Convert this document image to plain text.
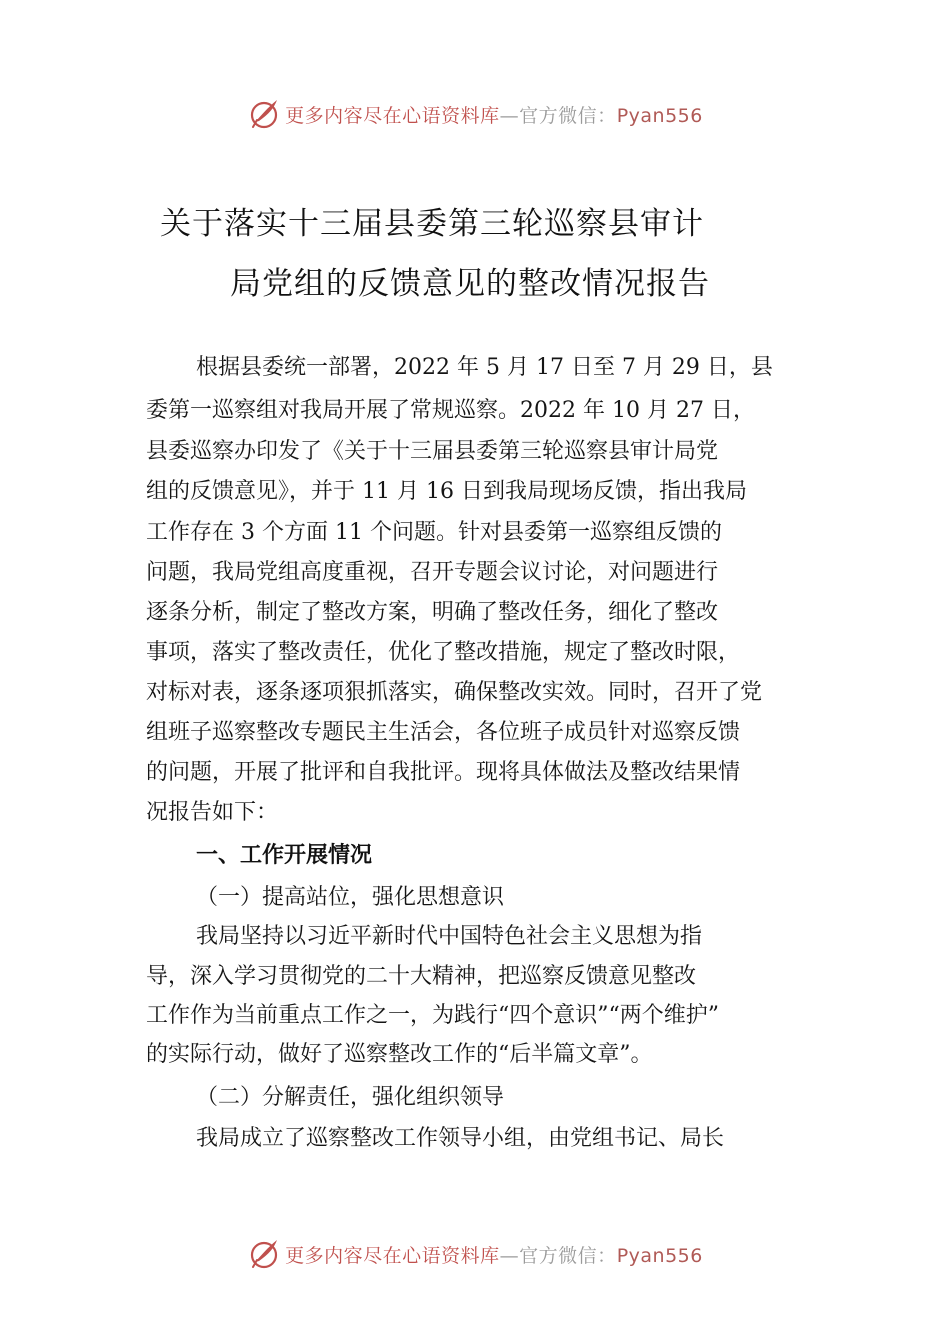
更多内容尽在心语资料库—官方微信：Pyan556
关于落实十三届县委第三轮巡察县审计
局党组的反馈意见的整改情况报告
根据县委统一部署，2022 年 5 月 17 日至 7 月 29 日，县
委第一巡察组对我局开展了常规巡察。2022 年 10 月 27 日，
县委巡察办印发了《关于十三届县委第三轮巡察县审计局党
组的反馈意见》，并于 11 月 16 日到我局现场反馈，指出我局
工作存在 3 个方面 11 个问题。针对县委第一巡察组反馈的
问题，我局党组高度重视，召开专题会议讨论，对问题进行
逐条分析，制定了整改方案，明确了整改任务，细化了整改
事项，落实了整改责任，优化了整改措施，规定了整改时限，
对标对表，逐条逐项狠抓落实，确保整改实效。同时，召开了党
组班子巡察整改专题民主生活会，各位班子成员针对巡察反馈
的问题，开展了批评和自我批评。现将具体做法及整改结果情
况报告如下：
一、工作开展情况
（一）提高站位，强化思想意识
我局坚持以习近平新时代中国特色社会主义思想为指
导，深入学习贯彻党的二十大精神，把巡察反馈意见整改
工作作为当前重点工作之一，为践行“四个意识”“两个维护”
的实际行动，做好了巡察整改工作的“后半篇文章”。
（二）分解责任，强化组织领导
我局成立了巡察整改工作领导小组，由党组书记、局长
更多内容尽在心语资料库—官方微信：Pyan556
